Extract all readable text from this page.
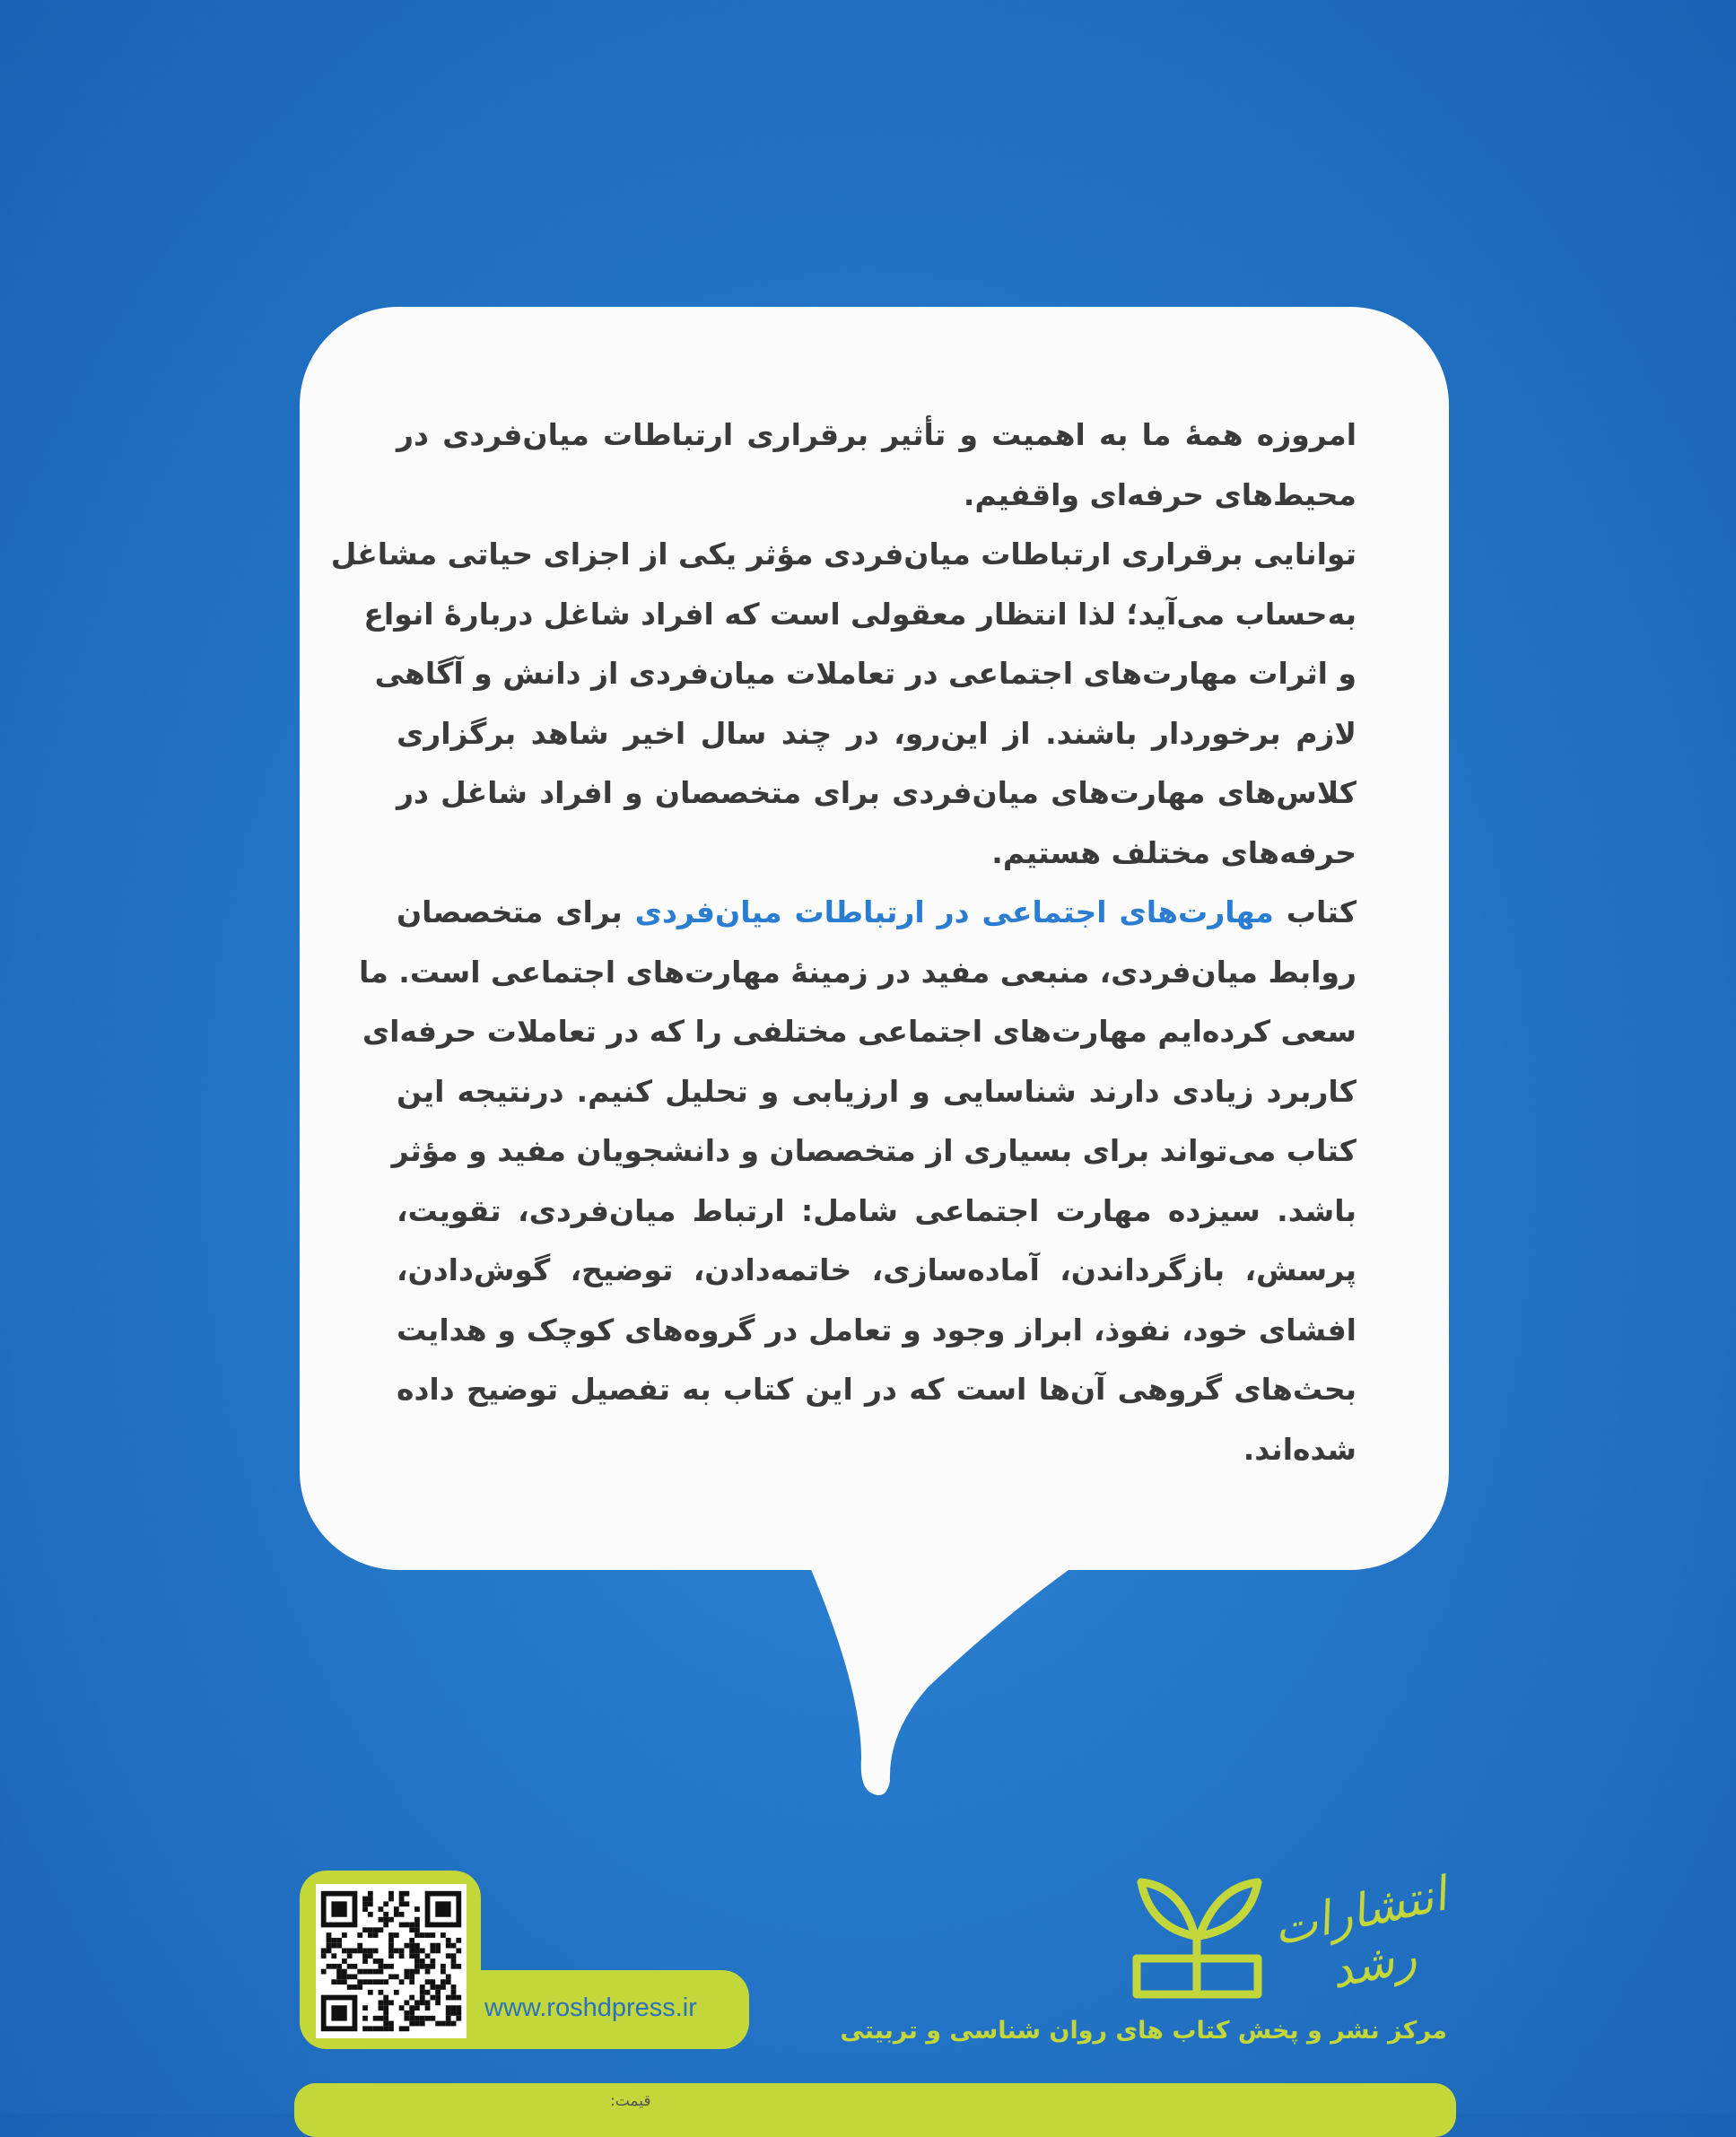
امروزه همهٔ ما به اهمیت و تأثیر برقراری ارتباطات میان‌فردی در
محیط‌های حرفه‌ای واقفیم.
توانایی برقراری ارتباطات میان‌فردی مؤثر یکی از اجزای حیاتی مشاغل
به‌حساب می‌آید؛ لذا انتظار معقولی است که افراد شاغل دربارهٔ انواع
و اثرات مهارت‌های اجتماعی در تعاملات میان‌فردی از دانش و آگاهی
لازم برخوردار باشند. از این‌رو، در چند سال اخیر شاهد برگزاری
کلاس‌های مهارت‌های میان‌فردی برای متخصصان و افراد شاغل در
حرفه‌های مختلف هستیم.
کتاب مهارت‌های اجتماعی در ارتباطات میان‌فردی برای متخصصان
روابط میان‌فردی، منبعی مفید در زمینهٔ مهارت‌های اجتماعی است. ما
سعی کرده‌ایم مهارت‌های اجتماعی مختلفی را که در تعاملات حرفه‌ای
کاربرد زیادی دارند شناسایی و ارزیابی و تحلیل کنیم. درنتیجه این
کتاب می‌تواند برای بسیاری از متخصصان و دانشجویان مفید و مؤثر
باشد. سیزده مهارت اجتماعی شامل: ارتباط میان‌فردی، تقویت،
پرسش، بازگرداندن، آماده‌سازی، خاتمه‌دادن، توضیح، گوش‌دادن،
افشای خود، نفوذ، ابراز وجود و تعامل در گروه‌های کوچک و هدایت
بحث‌های گروهی آن‌ها است که در این کتاب به تفصیل توضیح داده
شده‌اند.
www.roshdpress.ir
انتشارات رشد
مرکز نشر و پخش کتاب های روان شناسی و تربیتی
قیمت:
